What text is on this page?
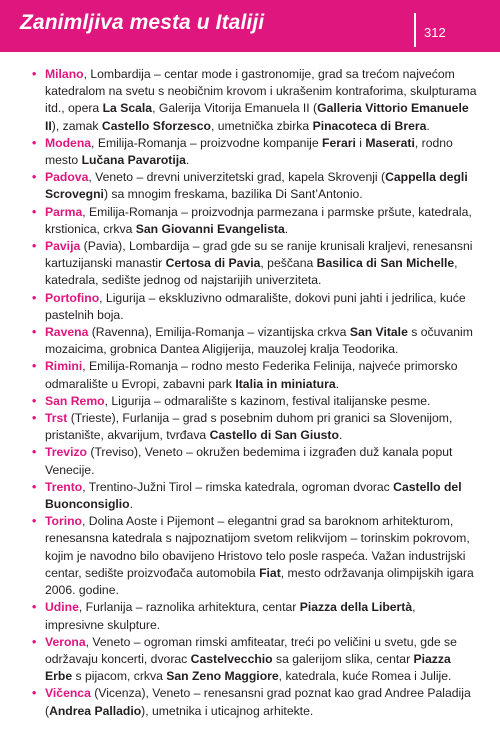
Zanimljiva mesta u Italiji	312

• Milano, Lombardija – centar mode i gastronomije, grad sa trećom najvećom katedralom na svetu s neobičnim krovom i ukrašenim kontraforima, skulpturama itd., opera La Scala, Galerija Vitorija Emanuela II (Galleria Vittorio Emanuele II), zamak Castello Sforzesco, umetnička zbirka Pinacoteca di Brera.

• Modena, Emilija-Romanja – proizvodne kompanije Ferari i Maserati, rodno mesto Lučana Pavarotija.

• Padova, Veneto – drevni univerzitetski grad, kapela Skrovenji (Cappella degli Scrovegni) sa mnogim freskama, bazilika Di Sant’Antonio.

• Parma, Emilija-Romanja – proizvodnja parmezana i parmske pršute, katedrala, krstionica, crkva San Giovanni Evangelista.

• Pavija (Pavia), Lombardija – grad gde su se ranije krunisali kraljevi, renesansni kartuzijanski manastir Certosa di Pavia, peščana Basilica di San Michelle, katedrala, sedište jednog od najstarijih univerziteta.

• Portofino, Ligurija – ekskluzivno odmaralište, dokovi puni jahti i jedrilica, kuće pastelnih boja.

• Ravena (Ravenna), Emilija-Romanja – vizantijska crkva San Vitale s očuvanim mozaicima, grobnica Dantea Aligijerija, mauzolej kralja Teodorika.

• Rimini, Emilija-Romanja – rodno mesto Federika Felinija, najveće primorsko odmaralište u Evropi, zabavni park Italia in miniatura.

• San Remo, Ligurija – odmaralište s kazinom, festival italijanske pesme.

• Trst (Trieste), Furlanija – grad s posebnim duhom pri granici sa Slovenijom, pristanište, akvarijum, tvrđava Castello di San Giusto.

• Trevizo (Treviso), Veneto – okružen bedemima i izgrađen duž kanala poput Venecije.

• Trento, Trentino-Južni Tirol – rimska katedrala, ogroman dvorac Castello del Buonconsiglio.

• Torino, Dolina Aoste i Pijemont – elegantni grad sa baroknom arhitekturom, renesansna katedrala s najpoznatijom svetom relikvijom – torinskim pokrovom, kojim je navodno bilo obavijeno Hristovo telo posle raspeća. Važan industrijski centar, sedište proizvođača automobila Fiat, mesto održavanja olimpijskih igara 2006. godine.

• Udine, Furlanija – raznolika arhitektura, centar Piazza della Libertà, impresivne skulpture.

• Verona, Veneto – ogroman rimski amfiteatar, treći po veličini u svetu, gde se održavaju koncerti, dvorac Castelvecchio sa galerijom slika, centar Piazza Erbe s pijacom, crkva San Zeno Maggiore, katedrala, kuće Romea i Julije.

• Vičenca (Vicenza), Veneto – renesansni grad poznat kao grad Andree Paladija (Andrea Palladio), umetnika i uticajnog arhitekte.
